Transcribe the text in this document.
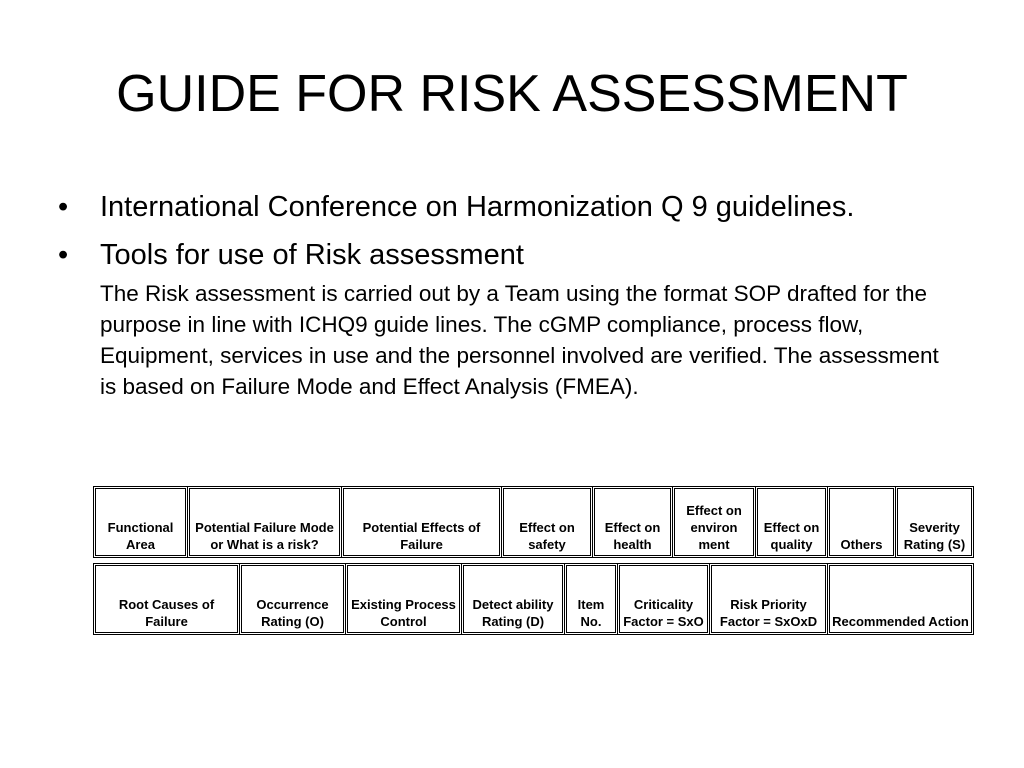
GUIDE FOR RISK ASSESSMENT
• International Conference on Harmonization Q 9 guidelines.
• Tools for use of Risk assessment
The Risk assessment is carried out by a Team using the format SOP drafted for the purpose in line with ICHQ9 guide lines. The cGMP compliance, process flow, Equipment, services in use and the personnel involved are verified. The assessment is based on Failure Mode and Effect Analysis (FMEA).
Functional Area	Potential Failure Mode or What is a risk?	Potential Effects of Failure	Effect on safety	Effect on health	Effect on environ ment	Effect on quality	Others	Severity Rating (S)
Root Causes of Failure	Occurrence Rating (O)	Existing Process Control	Detect ability Rating (D)	Item No.	Criticality Factor = SxO	Risk Priority Factor = SxOxD	Recommended Action
